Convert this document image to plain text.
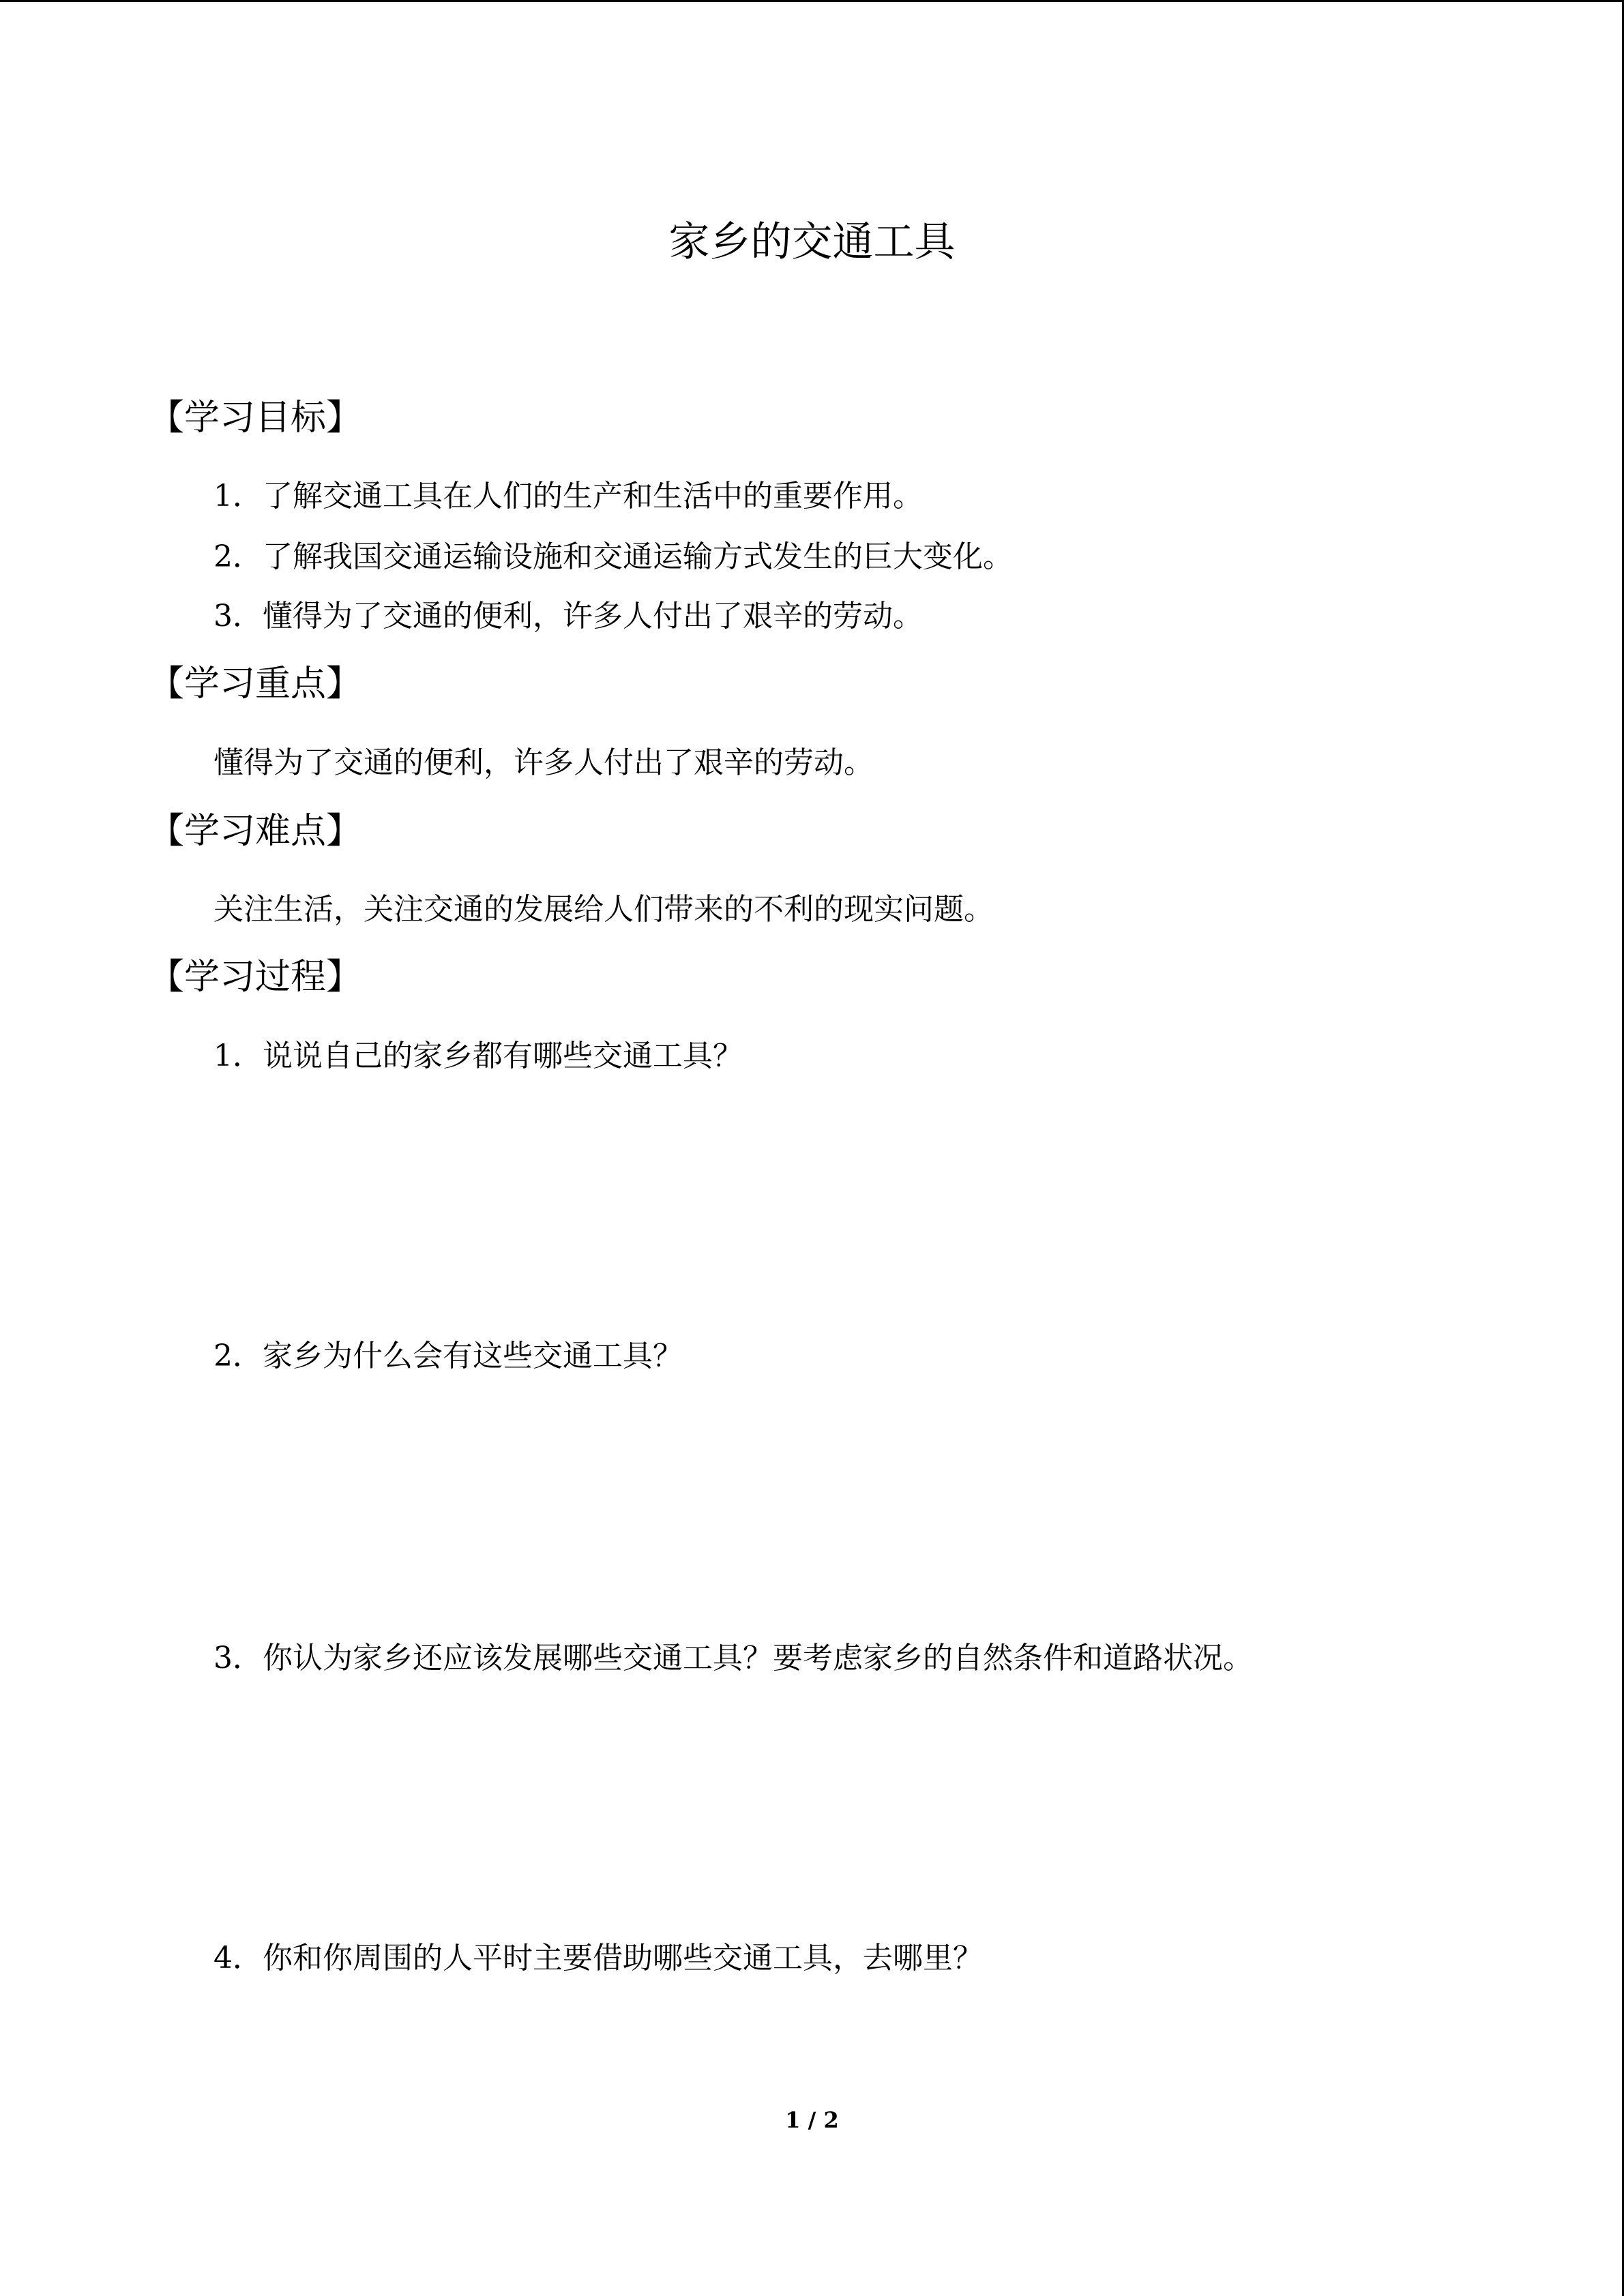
家乡的交通工具
【学习目标】

1．了解交通工具在人们的生产和生活中的重要作用。

2．了解我国交通运输设施和交通运输方式发生的巨大变化。

3．懂得为了交通的便利，许多人付出了艰辛的劳动。

【学习重点】

懂得为了交通的便利，许多人付出了艰辛的劳动。

【学习难点】

关注生活，关注交通的发展给人们带来的不利的现实问题。

【学习过程】

1．说说自己的家乡都有哪些交通工具？

2．家乡为什么会有这些交通工具？

3．你认为家乡还应该发展哪些交通工具？要考虑家乡的自然条件和道路状况。

4．你和你周围的人平时主要借助哪些交通工具，去哪里？

1 / 2
